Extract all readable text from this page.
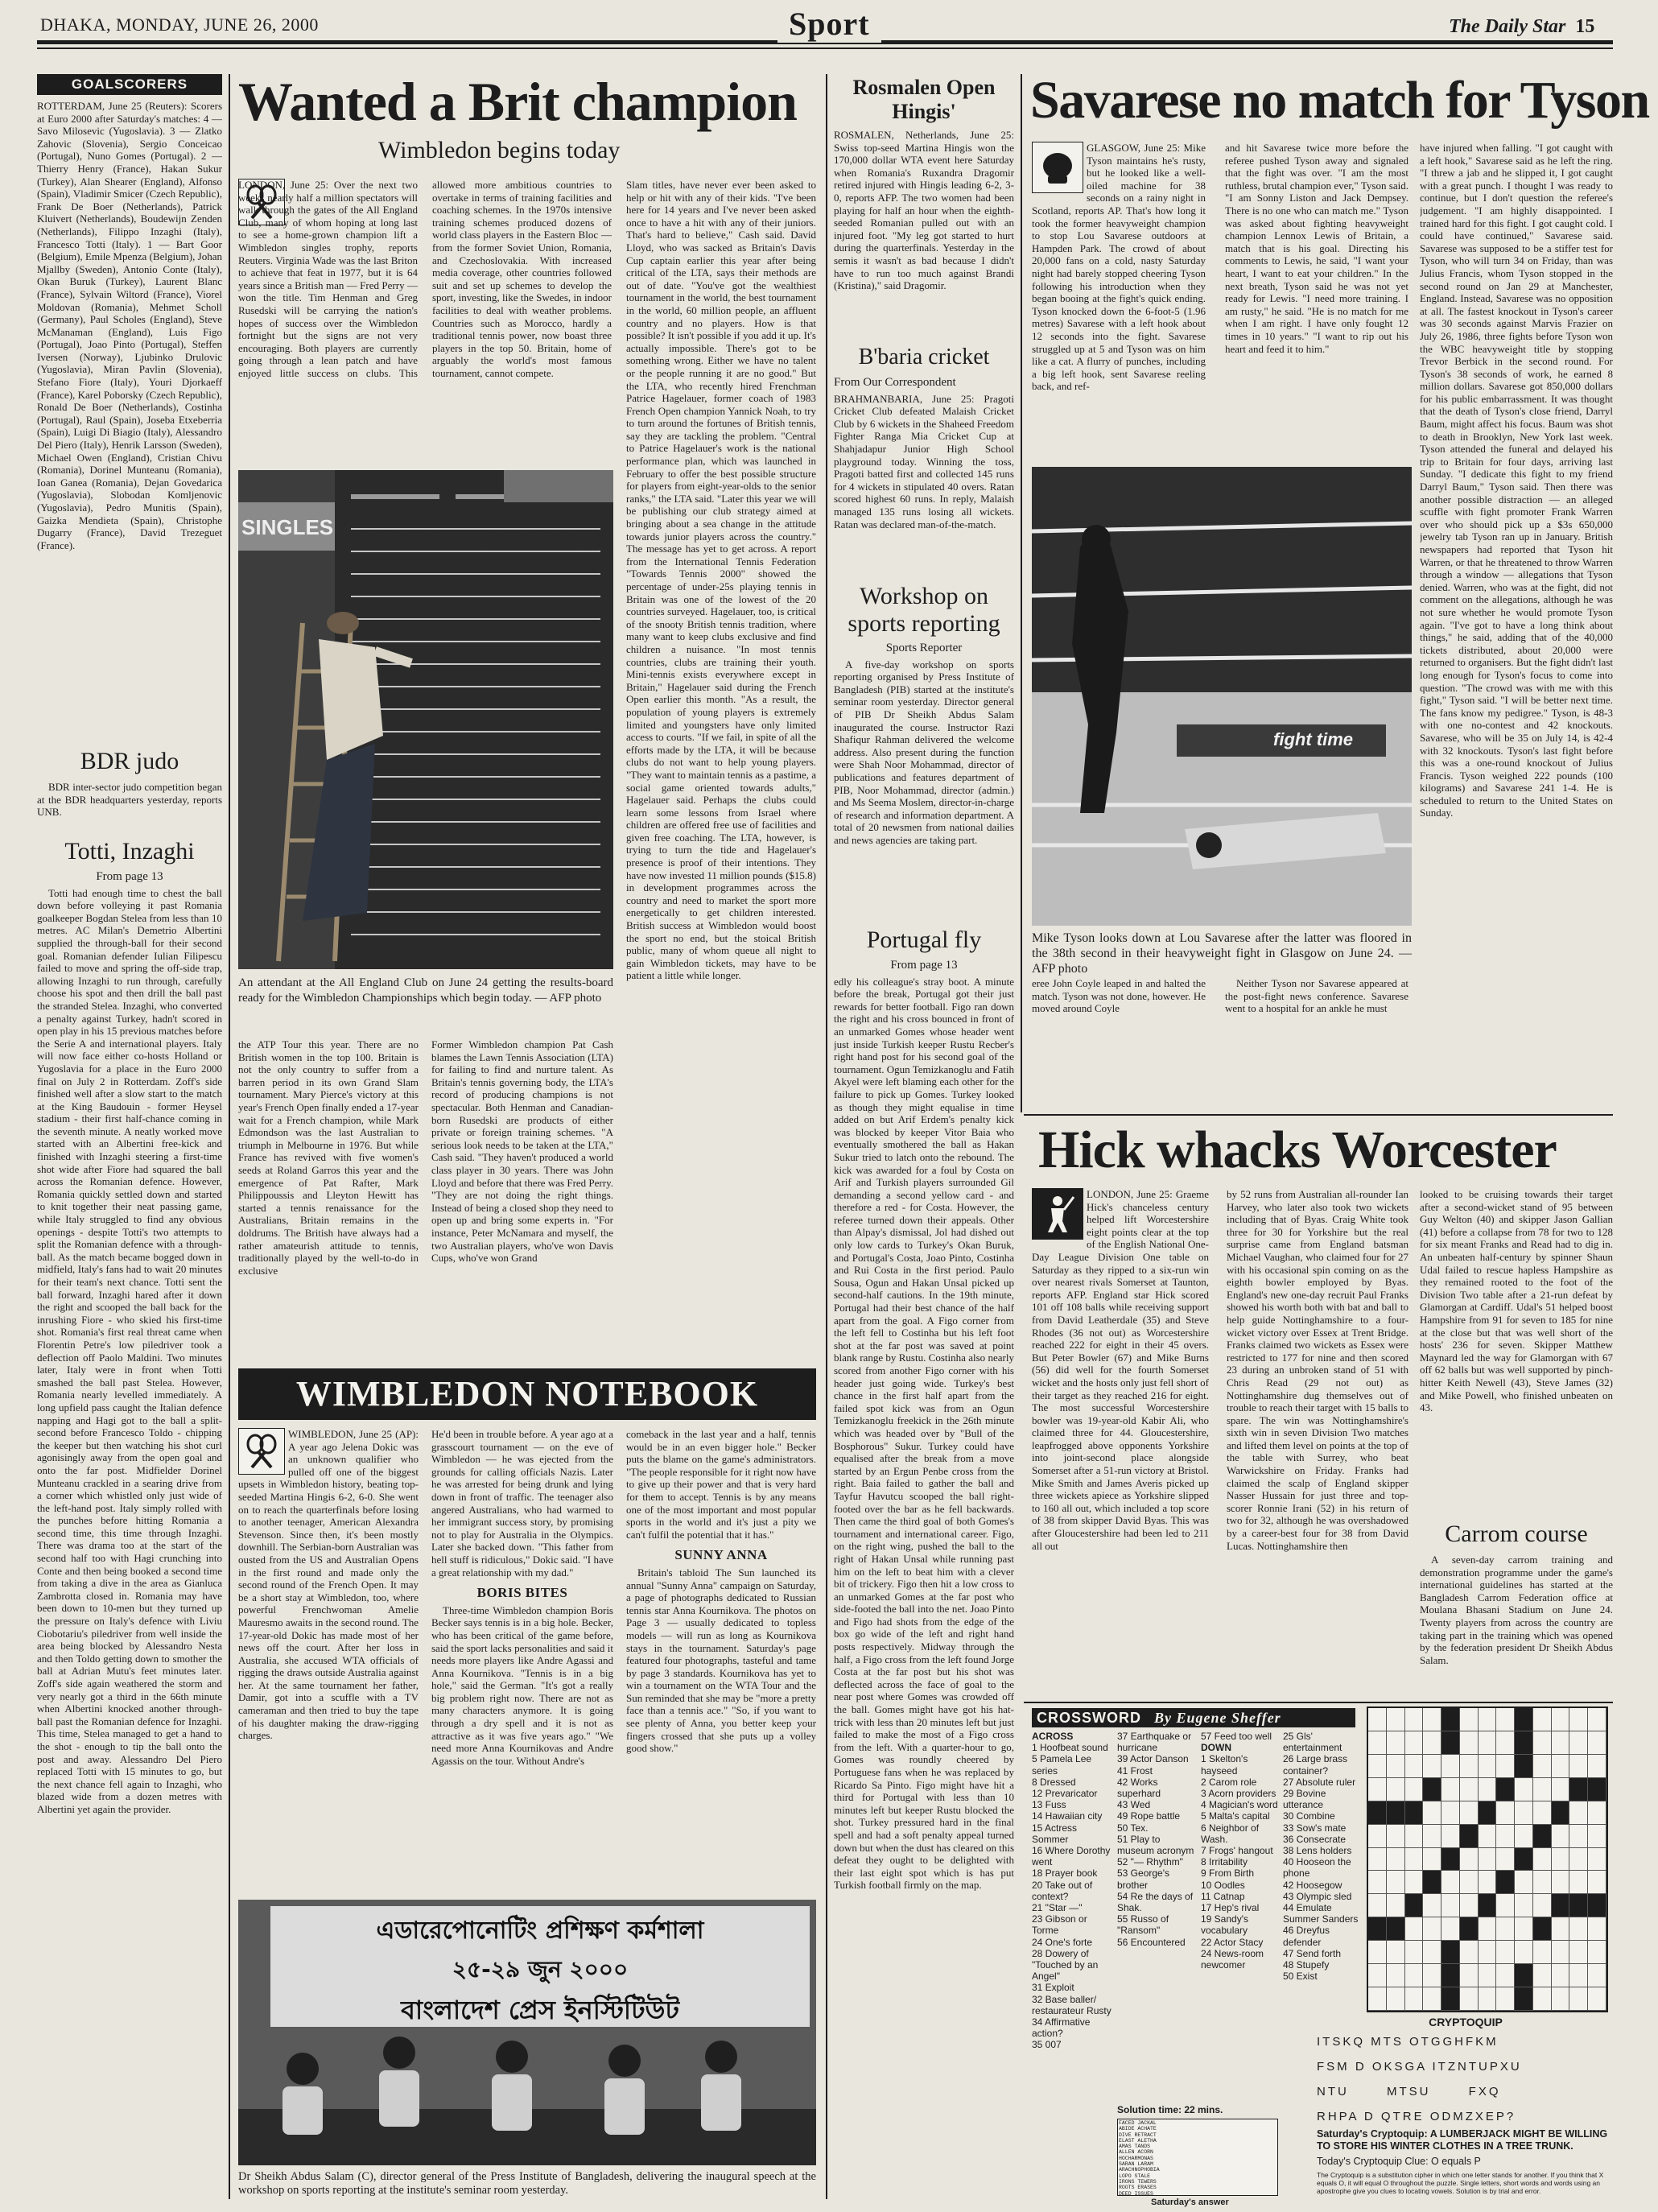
DHAKA, MONDAY, JUNE 26, 2000	Sport	The Daily Star 15
GOALSCORERS

ROTTERDAM, June 25 (Reuters): Scorers at Euro 2000 after Saturday's matches: 4 — Savo Milosevic (Yugoslavia). 3 — Zlatko Zahovic (Slovenia), Sergio Conceicao (Portugal), Nuno Gomes (Portugal). 2 — Thierry Henry (France), Hakan Sukur (Turkey), Alan Shearer (England), Alfonso (Spain), Vladimir Smicer (Czech Republic), Frank De Boer (Netherlands), Patrick Kluivert (Netherlands), Boudewijn Zenden (Netherlands), Filippo Inzaghi (Italy), Francesco Totti (Italy). 1 — Bart Goor (Belgium), Emile Mpenza (Belgium), Johan Mjallby (Sweden), Antonio Conte (Italy), Okan Buruk (Turkey), Laurent Blanc (France), Sylvain Wiltord (France), Viorel Moldovan (Romania), Mehmet Scholl (Germany), Paul Scholes (England), Steve McManaman (England), Luis Figo (Portugal), Joao Pinto (Portugal), Steffen Iversen (Norway), Ljubinko Drulovic (Yugoslavia), Miran Pavlin (Slovenia), Stefano Fiore (Italy), Youri Djorkaeff (France), Karel Poborsky (Czech Republic), Ronald De Boer (Netherlands), Costinha (Portugal), Raul (Spain), Joseba Etxeberria (Spain), Luigi Di Biagio (Italy), Alessandro Del Piero (Italy), Henrik Larsson (Sweden), Michael Owen (England), Cristian Chivu (Romania), Dorinel Munteanu (Romania), Ioan Ganea (Romania), Dejan Govedarica (Yugoslavia), Slobodan Komljenovic (Yugoslavia), Pedro Munitis (Spain), Gaizka Mendieta (Spain), Christophe Dugarry (France), David Trezeguet (France).

BDR judo

BDR inter-sector judo competition began at the BDR headquarters yesterday, reports UNB.

Totti, Inzaghi
From page 13

Totti had enough time to chest the ball down before volleying it past Romania goalkeeper Bogdan Stelea from less than 10 metres. AC Milan's Demetrio Albertini supplied the through-ball for their second goal. Romanian defender Iulian Filipescu failed to move and spring the off-side trap, allowing Inzaghi to run through, carefully choose his spot and then drill the ball past the stranded Stelea. Inzaghi, who converted a penalty against Turkey, hadn't scored in open play in his 15 previous matches before the Serie A and international players. Italy will now face either co-hosts Holland or Yugoslavia for a place in the Euro 2000 final on July 2 in Rotterdam. Zoff's side finished well after a slow start to the match at the King Baudouin - former Heysel stadium - their first half-chance coming in the seventh minute. A neatly worked move started with an Albertini free-kick and finished with Inzaghi steering a first-time shot wide after Fiore had squared the ball across the Romanian defence. However, Romania quickly settled down and started to knit together their neat passing game, while Italy struggled to find any obvious openings - despite Totti's two attempts to split the Romanian defence with a through-ball. As the match became bogged down in midfield, Italy's fans had to wait 20 minutes for their team's next chance. Totti sent the ball forward, Inzaghi hared after it down the right and scooped the ball back for the inrushing Fiore - who skied his first-time shot. Romania's first real threat came when Florentin Petre's low piledriver took a deflection off Paolo Maldini. Two minutes later, Italy were in front when Totti smashed the ball past Stelea. However, Romania nearly levelled immediately. A long upfield pass caught the Italian defence napping and Hagi got to the ball a split-second before Francesco Toldo - chipping the keeper but then watching his shot curl agonisingly away from the open goal and onto the far post. Midfielder Dorinel Munteanu crackled in a searing drive from a corner which whistled only just wide of the left-hand post. Italy simply rolled with the punches before hitting Romania a second time, this time through Inzaghi. There was drama too at the start of the second half too with Hagi crunching into Conte and then being booked a second time from taking a dive in the area as Gianluca Zambrotta closed in. Romania may have been down to 10-men but they turned up the pressure on Italy's defence with Liviu Ciobotariu's piledriver from well inside the area being blocked by Alessandro Nesta and then Toldo getting down to smother the ball at Adrian Mutu's feet minutes later. Zoff's side again weathered the storm and very nearly got a third in the 66th minute when Albertini knocked another through-ball past the Romanian defence for Inzaghi. This time, Stelea managed to get a hand to the shot - enough to tip the ball onto the post and away. Alessandro Del Piero replaced Totti with 15 minutes to go, but the next chance fell again to Inzaghi, who blazed wide from a dozen metres with Albertini yet again the provider.

Wanted a Brit champion
Wimbledon begins today

LONDON, June 25: Over the next two weeks nearly half a million spectators will walk through the gates of the All England Club, many of whom hoping at long last to see a home-grown champion lift a Wimbledon singles trophy, reports Reuters. Virginia Wade was the last Briton to achieve that feat in 1977, but it is 64 years since a British man — Fred Perry — won the title. Tim Henman and Greg Rusedski will be carrying the nation's hopes of success over the Wimbledon fortnight but the signs are not very encouraging. Both players are currently going through a lean patch and have enjoyed little success on clubs. This allowed more ambitious countries to overtake in terms of training facilities and coaching schemes. In the 1970s intensive training schemes produced dozens of world class players in the Eastern Bloc — from the former Soviet Union, Romania, and Czechoslovakia. With increased media coverage, other countries followed suit and set up schemes to develop the sport, investing, like the Swedes, in indoor facilities to deal with weather problems. Countries such as Morocco, hardly a traditional tennis power, now boast three players in the top 50. Britain, home of arguably the world's most famous tournament, cannot compete.

Slam titles, have never ever been asked to help or hit with any of their kids. "I've been here for 14 years and I've never been asked once to have a hit with any of their juniors. That's hard to believe," Cash said. David Lloyd, who was sacked as Britain's Davis Cup captain earlier this year after being critical of the LTA, says their methods are out of date. "You've got the wealthiest tournament in the world, the best tournament in the world, 60 million people, an affluent country and no players. How is that possible? It isn't possible if you add it up. It's actually impossible. There's got to be something wrong. Either we have no talent or the people running it are no good." But the LTA, who recently hired Frenchman Patrice Hagelauer, former coach of 1983 French Open champion Yannick Noah, to try to turn around the fortunes of British tennis, say they are tackling the problem. "Central to Patrice Hagelauer's work is the national performance plan, which was launched in February to offer the best possible structure for players from eight-year-olds to the senior ranks," the LTA said. "Later this year we will be publishing our club strategy aimed at bringing about a sea change in the attitude towards junior players across the country." The message has yet to get across. A report from the International Tennis Federation "Towards Tennis 2000" showed the percentage of under-25s playing tennis in Britain was one of the lowest of the 20 countries surveyed. Hagelauer, too, is critical of the snooty British tennis tradition, where many want to keep clubs exclusive and find children a nuisance. "In most tennis countries, clubs are training their youth. Mini-tennis exists everywhere except in Britain," Hagelauer said during the French Open earlier this month. "As a result, the population of young players is extremely limited and youngsters have only limited access to courts. "If we fail, in spite of all the efforts made by the LTA, it will be because clubs do not want to help young players. "They want to maintain tennis as a pastime, a social game oriented towards adults," Hagelauer said. Perhaps the clubs could learn some lessons from Israel where children are offered free use of facilities and given free coaching. The LTA, however, is trying to turn the tide and Hagelauer's presence is proof of their intentions. They have now invested 11 million pounds ($15.8) in development programmes across the country and need to market the sport more energetically to get children interested. British success at Wimbledon would boost the sport no end, but the stoical British public, many of whom queue all night to gain Wimbledon tickets, may have to be patient a little while longer.

SINGLES
An attendant at the All England Club on June 24 getting the results-board ready for the Wimbledon Championships which begin today. — AFP photo

the ATP Tour this year. There are no British women in the top 100. Britain is not the only country to suffer from a barren period in its own Grand Slam tournament. Mary Pierce's victory at this year's French Open finally ended a 17-year wait for a French champion, while Mark Edmondson was the last Australian to triumph in Melbourne in 1976. But while France has revived with five women's seeds at Roland Garros this year and the emergence of Pat Rafter, Mark Philippoussis and Lleyton Hewitt has started a tennis renaissance for the Australians, Britain remains in the doldrums. The British have always had a rather amateurish attitude to tennis, traditionally played by the well-to-do in exclusive

Former Wimbledon champion Pat Cash blames the Lawn Tennis Association (LTA) for failing to find and nurture talent. As Britain's tennis governing body, the LTA's record of producing champions is not spectacular. Both Henman and Canadian-born Rusedski are products of either private or foreign training schemes. "A serious look needs to be taken at the LTA," Cash said. "They haven't produced a world class player in 30 years. There was John Lloyd and before that there was Fred Perry. "They are not doing the right things. Instead of being a closed shop they need to open up and bring some experts in. "For instance, Peter McNamara and myself, the two Australian players, who've won Davis Cups, who've won Grand

WIMBLEDON NOTEBOOK

WIMBLEDON, June 25 (AP): A year ago Jelena Dokic was an unknown qualifier who pulled off one of the biggest upsets in Wimbledon history, beating top-seeded Martina Hingis 6-2, 6-0. She went on to reach the quarterfinals before losing to another teenager, American Alexandra Stevenson. Since then, it's been mostly downhill. The Serbian-born Australian was ousted from the US and Australian Opens in the first round and made only the second round of the French Open. It may be a short stay at Wimbledon, too, where powerful Frenchwoman Amelie Mauresmo awaits in the second round. The 17-year-old Dokic has made most of her news off the court. After her loss in Australia, she accused WTA officials of rigging the draws outside Australia against her. At the same tournament her father, Damir, got into a scuffle with a TV cameraman and then tried to buy the tape of his daughter making the draw-rigging charges.

He'd been in trouble before. A year ago at a grasscourt tournament — on the eve of Wimbledon — he was ejected from the grounds for calling officials Nazis. Later he was arrested for being drunk and lying down in front of traffic. The teenager also angered Australians, who had warmed to her immigrant success story, by promising not to play for Australia in the Olympics. Later she backed down. "This father from hell stuff is ridiculous," Dokic said. "I have a great relationship with my dad."

BORIS BITES

Three-time Wimbledon champion Boris Becker says tennis is in a big hole. Becker, who has been critical of the game before, said the sport lacks personalities and said it needs more players like Andre Agassi and Anna Kournikova. "Tennis is in a big hole," said the German. "It's got a really big problem right now. There are not as many characters anymore. It is going through a dry spell and it is not as attractive as it was five years ago." "We need more Anna Kournikovas and Andre Agassis on the tour. Without Andre's

comeback in the last year and a half, tennis would be in an even bigger hole." Becker puts the blame on the game's administrators. "The people responsible for it right now have to give up their power and that is very hard for them to accept. Tennis is by any means one of the most important and most popular sports in the world and it's just a pity we can't fulfil the potential that it has."

SUNNY ANNA

Britain's tabloid The Sun launched its annual "Sunny Anna" campaign on Saturday, a page of photographs dedicated to Russian tennis star Anna Kournikova. The photos on Page 3 — usually dedicated to topless models — will run as long as Kournikova stays in the tournament. Saturday's page featured four photographs, tasteful and tame by page 3 standards. Kournikova has yet to win a tournament on the WTA Tour and the Sun reminded that she may be "more a pretty face than a tennis ace." "So, if you want to see plenty of Anna, you better keep your fingers crossed that she puts up a volley good show."

এডারেপোনোটিং প্রশিক্ষণ কর্মশালা
২৫-২৯ জুন ২০০০
বাংলাদেশ প্রেস ইনস্টিটিউট
Dr Sheikh Abdus Salam (C), director general of the Press Institute of Bangladesh, delivering the inaugural speech at the workshop on sports reporting at the institute's seminar room yesterday.
Rosmalen Open Hingis'

ROSMALEN, Netherlands, June 25: Swiss top-seed Martina Hingis won the 170,000 dollar WTA event here Saturday when Romania's Ruxandra Dragomir retired injured with Hingis leading 6-2, 3-0, reports AFP. The two women had been playing for half an hour when the eighth-seeded Romanian pulled out with an injured foot. "My leg got started to hurt during the quarterfinals. Yesterday in the semis it wasn't as bad because I didn't have to run too much against Brandi (Kristina)," said Dragomir.

B'baria cricket
From Our Correspondent

BRAHMANBARIA, June 25: Pragoti Cricket Club defeated Malaish Cricket Club by 6 wickets in the Shaheed Freedom Fighter Ranga Mia Cricket Cup at Shahjadapur Junior High School playground today. Winning the toss, Pragoti batted first and collected 145 runs for 4 wickets in stipulated 40 overs. Ratan scored highest 60 runs. In reply, Malaish managed 135 runs losing all wickets. Ratan was declared man-of-the-match.

Workshop on sports reporting
Sports Reporter

A five-day workshop on sports reporting organised by Press Institute of Bangladesh (PIB) started at the institute's seminar room yesterday. Director general of PIB Dr Sheikh Abdus Salam inaugurated the course. Instructor Razi Shafiqur Rahman delivered the welcome address. Also present during the function were Shah Noor Mohammad, director of publications and features department of PIB, Noor Mohammad, director (admin.) and Ms Seema Moslem, director-in-charge of research and information department. A total of 20 newsmen from national dailies and news agencies are taking part.

Portugal fly
From page 13

edly his colleague's stray boot. A minute before the break, Portugal got their just rewards for better football. Figo ran down the right and his cross bounced in front of an unmarked Gomes whose header went just inside Turkish keeper Rustu Recber's right hand post for his second goal of the tournament. Ogun Temizkanoglu and Fatih Akyel were left blaming each other for the failure to pick up Gomes. Turkey looked as though they might equalise in time added on but Arif Erdem's penalty kick was blocked by keeper Vitor Baia who eventually smothered the ball as Hakan Sukur tried to latch onto the rebound. The kick was awarded for a foul by Costa on Arif and Turkish players surrounded Gil demanding a second yellow card - and therefore a red - for Costa. However, the referee turned down their appeals. Other than Alpay's dismissal, Jol had dished out only low cards to Turkey's Okan Buruk, and Portugal's Costa, Joao Pinto, Costinha and Rui Costa in the first period. Paulo Sousa, Ogun and Hakan Unsal picked up second-half cautions. In the 19th minute, Portugal had their best chance of the half apart from the goal. A Figo corner from the left fell to Costinha but his left foot shot at the far post was saved at point blank range by Rustu. Costinha also nearly scored from another Figo corner with his header just going wide. Turkey's best chance in the first half apart from the failed spot kick was from an Ogun Temizkanoglu freekick in the 26th minute which was headed over by "Bull of the Bosphorous" Sukur. Turkey could have equalised after the break from a move started by an Ergun Penbe cross from the right. Baia failed to gather the ball and Tayfur Havutcu scooped the ball right-footed over the bar as he fell backwards. Then came the third goal of both Gomes's tournament and international career. Figo, on the right wing, pushed the ball to the right of Hakan Unsal while running past him on the left to beat him with a clever bit of trickery. Figo then hit a low cross to an unmarked Gomes at the far post who side-footed the ball into the net. Joao Pinto and Figo had shots from the edge of the box go wide of the left and right hand posts respectively. Midway through the half, a Figo cross from the left found Jorge Costa at the far post but his shot was deflected across the face of goal to the near post where Gomes was crowded off the ball. Gomes might have got his hat-trick with less than 20 minutes left but just failed to make the most of a Figo cross from the left. With a quarter-hour to go, Gomes was roundly cheered by Portuguese fans when he was replaced by Ricardo Sa Pinto. Figo might have hit a third for Portugal with less than 10 minutes left but keeper Rustu blocked the shot. Turkey pressured hard in the final spell and had a soft penalty appeal turned down but when the dust has cleared on this defeat they ought to be delighted with their last eight spot which is has put Turkish football firmly on the map.

Savarese no match for Tyson

GLASGOW, June 25: Mike Tyson maintains he's rusty, but he looked like a well-oiled machine for 38 seconds on a rainy night in Scotland, reports AP. That's how long it took the former heavyweight champion to stop Lou Savarese outdoors at Hampden Park. The crowd of about 20,000 fans on a cold, nasty Saturday night had barely stopped cheering Tyson following his introduction when they began booing at the fight's quick ending. Tyson knocked down the 6-foot-5 (1.96 metres) Savarese with a left hook about 12 seconds into the fight. Savarese struggled up at 5 and Tyson was on him like a cat. A flurry of punches, including a big left hook, sent Savarese reeling back, and ref-

and hit Savarese twice more before the referee pushed Tyson away and signaled that the fight was over. "I am the most ruthless, brutal champion ever," Tyson said. "I am Sonny Liston and Jack Dempsey. There is no one who can match me." Tyson was asked about fighting heavyweight champion Lennox Lewis of Britain, a match that is his goal. Directing his comments to Lewis, he said, "I want your heart, I want to eat your children." In the next breath, Tyson said he was not yet ready for Lewis. "I need more training. I am rusty," he said. "He is no match for me when I am right. I have only fought 12 times in 10 years." "I want to rip out his heart and feed it to him."

have injured when falling. "I got caught with a left hook," Savarese said as he left the ring. "I threw a jab and he slipped it, I got caught with a great punch. I thought I was ready to continue, but I don't question the referee's judgement. "I am highly disappointed. I trained hard for this fight. I got caught cold. I could have continued," Savarese said. Savarese was supposed to be a stiffer test for Tyson, who will turn 34 on Friday, than was Julius Francis, whom Tyson stopped in the second round on Jan 29 at Manchester, England. Instead, Savarese was no opposition at all. The fastest knockout in Tyson's career was 30 seconds against Marvis Frazier on July 26, 1986, three fights before Tyson won the WBC heavyweight title by stopping Trevor Berbick in the second round. For Tyson's 38 seconds of work, he earned 8 million dollars. Savarese got 850,000 dollars for his public embarrassment. It was thought that the death of Tyson's close friend, Darryl Baum, might affect his focus. Baum was shot to death in Brooklyn, New York last week. Tyson attended the funeral and delayed his trip to Britain for four days, arriving last Sunday. "I dedicate this fight to my friend Darryl Baum," Tyson said. Then there was another possible distraction — an alleged scuffle with fight promoter Frank Warren over who should pick up a $3s 650,000 jewelry tab Tyson ran up in January. British newspapers had reported that Tyson hit Warren, or that he threatened to throw Warren through a window — allegations that Tyson denied. Warren, who was at the fight, did not comment on the allegations, although he was not sure whether he would promote Tyson again. "I've got to have a long think about things," he said, adding that of the 40,000 tickets distributed, about 20,000 were returned to organisers. But the fight didn't last long enough for Tyson's focus to come into question. "The crowd was with me with this fight," Tyson said. "I will be better next time. The fans know my pedigree." Tyson, is 48-3 with one no-contest and 42 knockouts. Savarese, who will be 35 on July 14, is 42-4 with 32 knockouts. Tyson's last fight before this was a one-round knockout of Julius Francis. Tyson weighed 222 pounds (100 kilograms) and Savarese 241 1-4. He is scheduled to return to the United States on Sunday.

fight time
Mike Tyson looks down at Lou Savarese after the latter was floored in the 38th second in their heavyweight fight in Glasgow on June 24. — AFP photo

eree John Coyle leaped in and halted the match. Tyson was not done, however. He moved around Coyle

Neither Tyson nor Savarese appeared at the post-fight news conference. Savarese went to a hospital for an ankle he must

Hick whacks Worcester

LONDON, June 25: Graeme Hick's chanceless century helped lift Worcestershire eight points clear at the top of the English National One-Day League Division One table on Saturday as they ripped to a six-run win over nearest rivals Somerset at Taunton, reports AFP. England star Hick scored 101 off 108 balls while receiving support from David Leatherdale (35) and Steve Rhodes (36 not out) as Worcestershire reached 222 for eight in their 45 overs. But Peter Bowler (67) and Mike Burns (56) did well for the fourth Somerset wicket and the hosts only just fell short of their target as they reached 216 for eight. The most successful Worcestershire bowler was 19-year-old Kabir Ali, who claimed three for 44. Gloucestershire, leapfrogged above opponents Yorkshire into joint-second place alongside Somerset after a 51-run victory at Bristol. Mike Smith and James Averis picked up three wickets apiece as Yorkshire slipped to 160 all out, which included a top score of 38 from skipper David Byas. This was after Gloucestershire had been led to 211 all out

by 52 runs from Australian all-rounder Ian Harvey, who later also took two wickets including that of Byas. Craig White took three for 30 for Yorkshire but the real surprise came from England batsman Michael Vaughan, who claimed four for 27 with his occasional spin coming on as the eighth bowler employed by Byas. England's new one-day recruit Paul Franks showed his worth both with bat and ball to help guide Nottinghamshire to a four-wicket victory over Essex at Trent Bridge. Franks claimed two wickets as Essex were restricted to 177 for nine and then scored 23 during an unbroken stand of 51 with Chris Read (29 not out) as Nottinghamshire dug themselves out of trouble to reach their target with 15 balls to spare. The win was Nottinghamshire's sixth win in seven Division Two matches and lifted them level on points at the top of the table with Surrey, who beat Warwickshire on Friday. Franks had claimed the scalp of England skipper Nasser Hussain for just three and top-scorer Ronnie Irani (52) in his return of two for 32, although he was overshadowed by a career-best four for 38 from David Lucas. Nottinghamshire then

looked to be cruising towards their target after a second-wicket stand of 95 between Guy Welton (40) and skipper Jason Gallian (41) before a collapse from 78 for two to 128 for six meant Franks and Read had to dig in. An unbeaten half-century by spinner Shaun Udal failed to rescue hapless Hampshire as they remained rooted to the foot of the Division Two table after a 21-run defeat by Glamorgan at Cardiff. Udal's 51 helped boost Hampshire from 91 for seven to 185 for nine at the close but that was well short of the hosts' 236 for seven. Skipper Matthew Maynard led the way for Glamorgan with 67 off 62 balls but was well supported by pinch-hitter Keith Newell (43), Steve James (32) and Mike Powell, who finished unbeaten on 43.

Carrom course

A seven-day carrom training and demonstration programme under the game's international guidelines has started at the Bangladesh Carrom Federation office at Moulana Bhasani Stadium on June 24. Twenty players from across the country are taking part in the training which was opened by the federation president Dr Sheikh Abdus Salam.

CROSSWORD By Eugene Sheffer
ACROSS
1 Hoofbeat sound
5 Pamela Lee series
8 Dressed
12 Prevaricator
13 Fuss
14 Hawaiian city
15 Actress Sommer
16 Where Dorothy went
18 Prayer book
20 Take out of context?
21 "Star —"
23 Gibson or Torme
24 One's forte
28 Dowery of "Touched by an Angel"
31 Exploit
32 Base baller/ restaurateur Rusty
34 Affirmative action?
35 007
37 Earthquake or hurricane
39 Actor Danson
41 Frost
42 Works superhard
43 Wed
49 Rope battle
50 Tex.
51 Play to museum acronym
52 "— Rhythm"
53 George's brother
54 Re the days of Shak.
55 Russo of "Ransom"
56 Encountered
57 Feed too well
DOWN
1 Skelton's hayseed
2 Carom role
3 Acorn providers
4 Magician's word
5 Malta's capital
6 Neighbor of Wash.
7 Frogs' hangout
8 Irritability
9 From Birth
10 Oodles
11 Catnap
17 Hep's rival
19 Sandy's vocabulary
22 Actor Stacy
24 News-room newcomer
25 Gls' entertainment
26 Large brass container?
27 Absolute ruler
29 Bovine utterance
30 Combine
33 Sow's mate
36 Consecrate
38 Lens holders
40 Hooseon the phone
42 Hoosegow
43 Olympic sled
44 Emulate Summer Sanders
46 Dreyfus defender
47 Send forth
48 Stupefy
50 Exist
Solution time: 22 mins.
FACED JACKAL
ABIDE ACHATE
DIVE RETRACT
ELAST ALETHA
AMAS TANDS
ALLEN ACORN
HOCHARMONAS
SARAN LARAM
ARACHNOPHOBIA
LOPO STALE
IRONS TEWERS
ROOTS ERASES
DEED ISSUES
Saturday's answer
CRYPTOQUIP
ITSKQ MTS OTGGHFKM
FSM D OKSGA ITZNTUPXU
NTU MTSU FXQ
RHPA D QTRE ODMZXEP?
Saturday's Cryptoquip: A LUMBERJACK MIGHT BE WILLING TO STORE HIS WINTER CLOTHES IN A TREE TRUNK.
Today's Cryptoquip Clue: O equals P
The Cryptoquip is a substitution cipher in which one letter stands for another. If you think that X equals O, it will equal O throughout the puzzle. Single letters, short words and words using an apostrophe give you clues to locating vowels. Solution is by trial and error.
